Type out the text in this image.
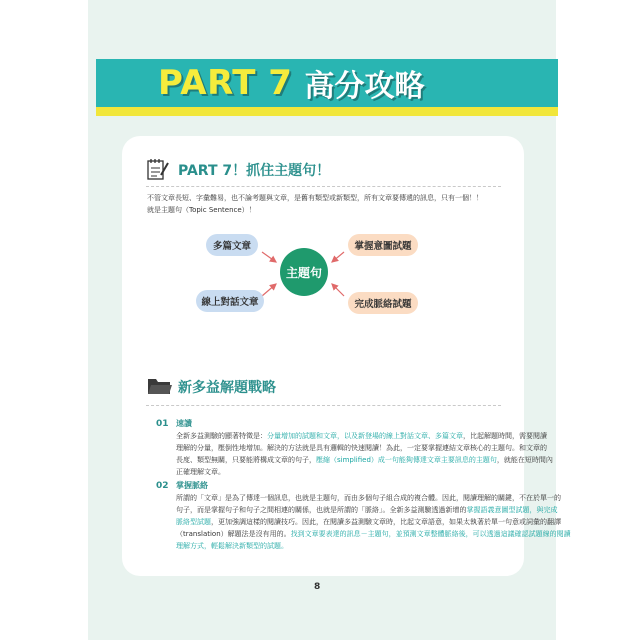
PART 7 高分攻略
PART 7！抓住主題句！
不管文章長短、字彙難易，也不論考題與文章，是舊有類型或新類型，所有文章要傳遞的訊息，只有一個！！
就是主題句（Topic Sentence）！
多篇文章	掌握意圖試題
主題句
線上對話文章	完成脈絡試題
新多益解題戰略
01 速讀
全新多益測驗的顯著特徵是：分量增加的試題和文章，以及新登場的線上對話文章、多篇文章，比起解題時間，需要閱讀
理解的分量，壓倒性地增加。解決的方法就是具有邏輯的快速閱讀！為此，一定要掌握連結文章核心的主題句。和文章的
長度、類型無關，只要能將構成文章的句子，壓縮（simplified）成一句能夠傳達文章主要訊息的主題句，就能在短時間內
正確理解文章。
02 掌握脈絡
所謂的「文章」是為了傳達一個訊息，也就是主題句，而由多個句子組合成的複合體。因此，閱讀理解的關鍵，不在於單一的
句子，而是掌握句子和句子之間相連的關係，也就是所謂的「脈絡」。全新多益測驗透過新增的掌握語義意圖型試題，與完成
脈絡型試題，更加強調這樣的閱讀技巧。因此，在閱讀多益測驗文章時，比起文章語意，如果太執著於單一句意或詞彙的翻譯
（translation）解題法是沒有用的。找到文章要表達的訊息－主題句，並預測文章整體脈絡後，可以透過這議確認試題線的閱讀
理解方式，輕鬆解決新類型的試題。
8
